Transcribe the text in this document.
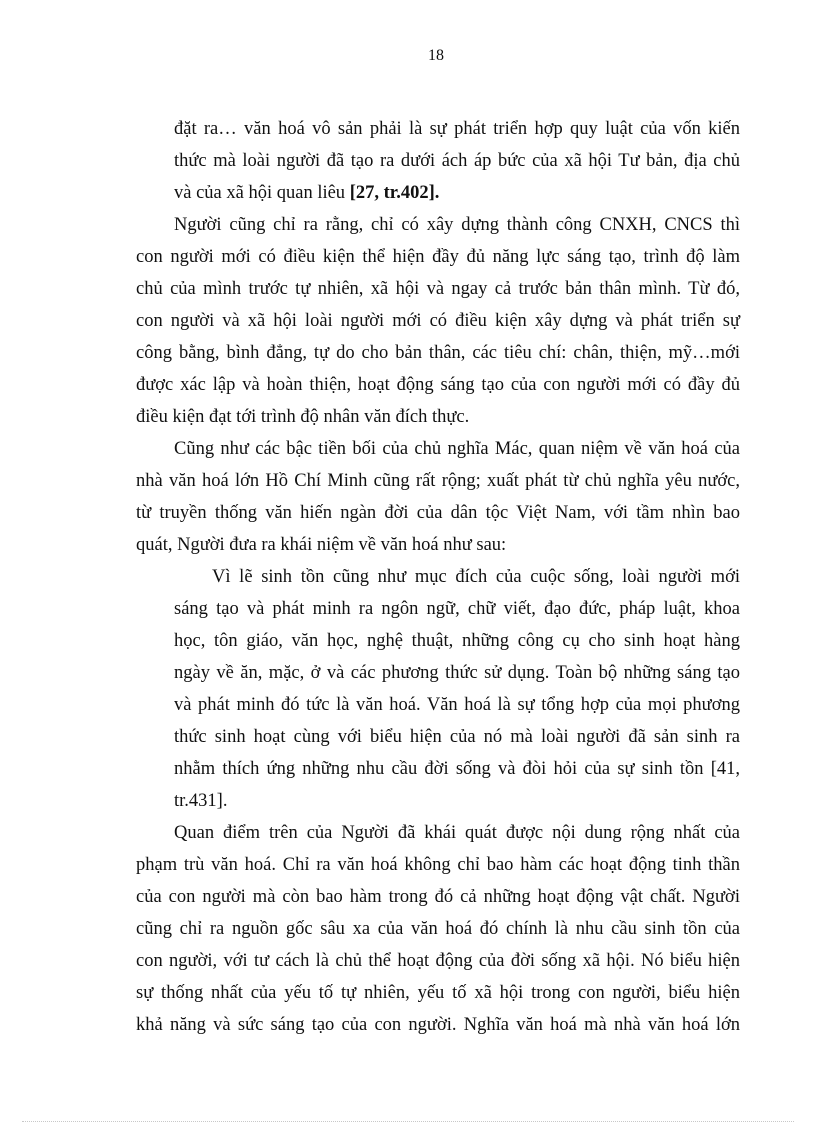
18
đặt ra… văn hoá vô sản phải là sự phát triển hợp quy luật của vốn kiến
thức mà loài người đã tạo ra dưới ách áp bức của xã hội Tư bản, địa chủ
và của xã hội quan liêu [27, tr.402].
Người cũng chỉ ra rằng, chỉ có xây dựng thành công CNXH, CNCS thì
con người mới có điều kiện thể hiện đầy đủ năng lực sáng tạo, trình độ làm
chủ của mình trước tự nhiên, xã hội và ngay cả trước bản thân mình. Từ đó,
con người và xã hội loài người mới có điều kiện xây dựng và phát triển sự
công bằng, bình đẳng, tự do cho bản thân, các tiêu chí: chân, thiện, mỹ…mới
được xác lập và hoàn thiện, hoạt động sáng tạo của con người mới có đầy đủ
điều kiện đạt tới trình độ nhân văn đích thực.
Cũng như các bậc tiền bối của chủ nghĩa Mác, quan niệm về văn hoá của
nhà văn hoá lớn Hồ Chí Minh cũng rất rộng; xuất phát từ chủ nghĩa yêu nước,
từ truyền thống văn hiến ngàn đời của dân tộc Việt Nam, với tầm nhìn bao
quát, Người đưa ra khái niệm về văn hoá như sau:
Vì lẽ sinh tồn cũng như mục đích của cuộc sống, loài người mới
sáng tạo và phát minh ra ngôn ngữ, chữ viết, đạo đức, pháp luật, khoa
học, tôn giáo, văn học, nghệ thuật, những công cụ cho sinh hoạt hàng
ngày về ăn, mặc, ở và các phương thức sử dụng. Toàn bộ những sáng tạo
và phát minh đó tức là văn hoá. Văn hoá là sự tổng hợp của mọi phương
thức sinh hoạt cùng với biểu hiện của nó mà loài người đã sản sinh ra
nhằm thích ứng những nhu cầu đời sống và đòi hỏi của sự sinh tồn [41,
tr.431].
Quan điểm trên của Người đã khái quát được nội dung rộng nhất của
phạm trù văn hoá. Chỉ ra văn hoá không chỉ bao hàm các hoạt động tinh thần
của con người mà còn bao hàm trong đó cả những hoạt động vật chất. Người
cũng chỉ ra nguồn gốc sâu xa của văn hoá đó chính là nhu cầu sinh tồn của
con người, với tư cách là chủ thể hoạt động của đời sống xã hội. Nó biểu hiện
sự thống nhất của yếu tố tự nhiên, yếu tố xã hội trong con người, biểu hiện
khả năng và sức sáng tạo của con người. Nghĩa văn hoá mà nhà văn hoá lớn
